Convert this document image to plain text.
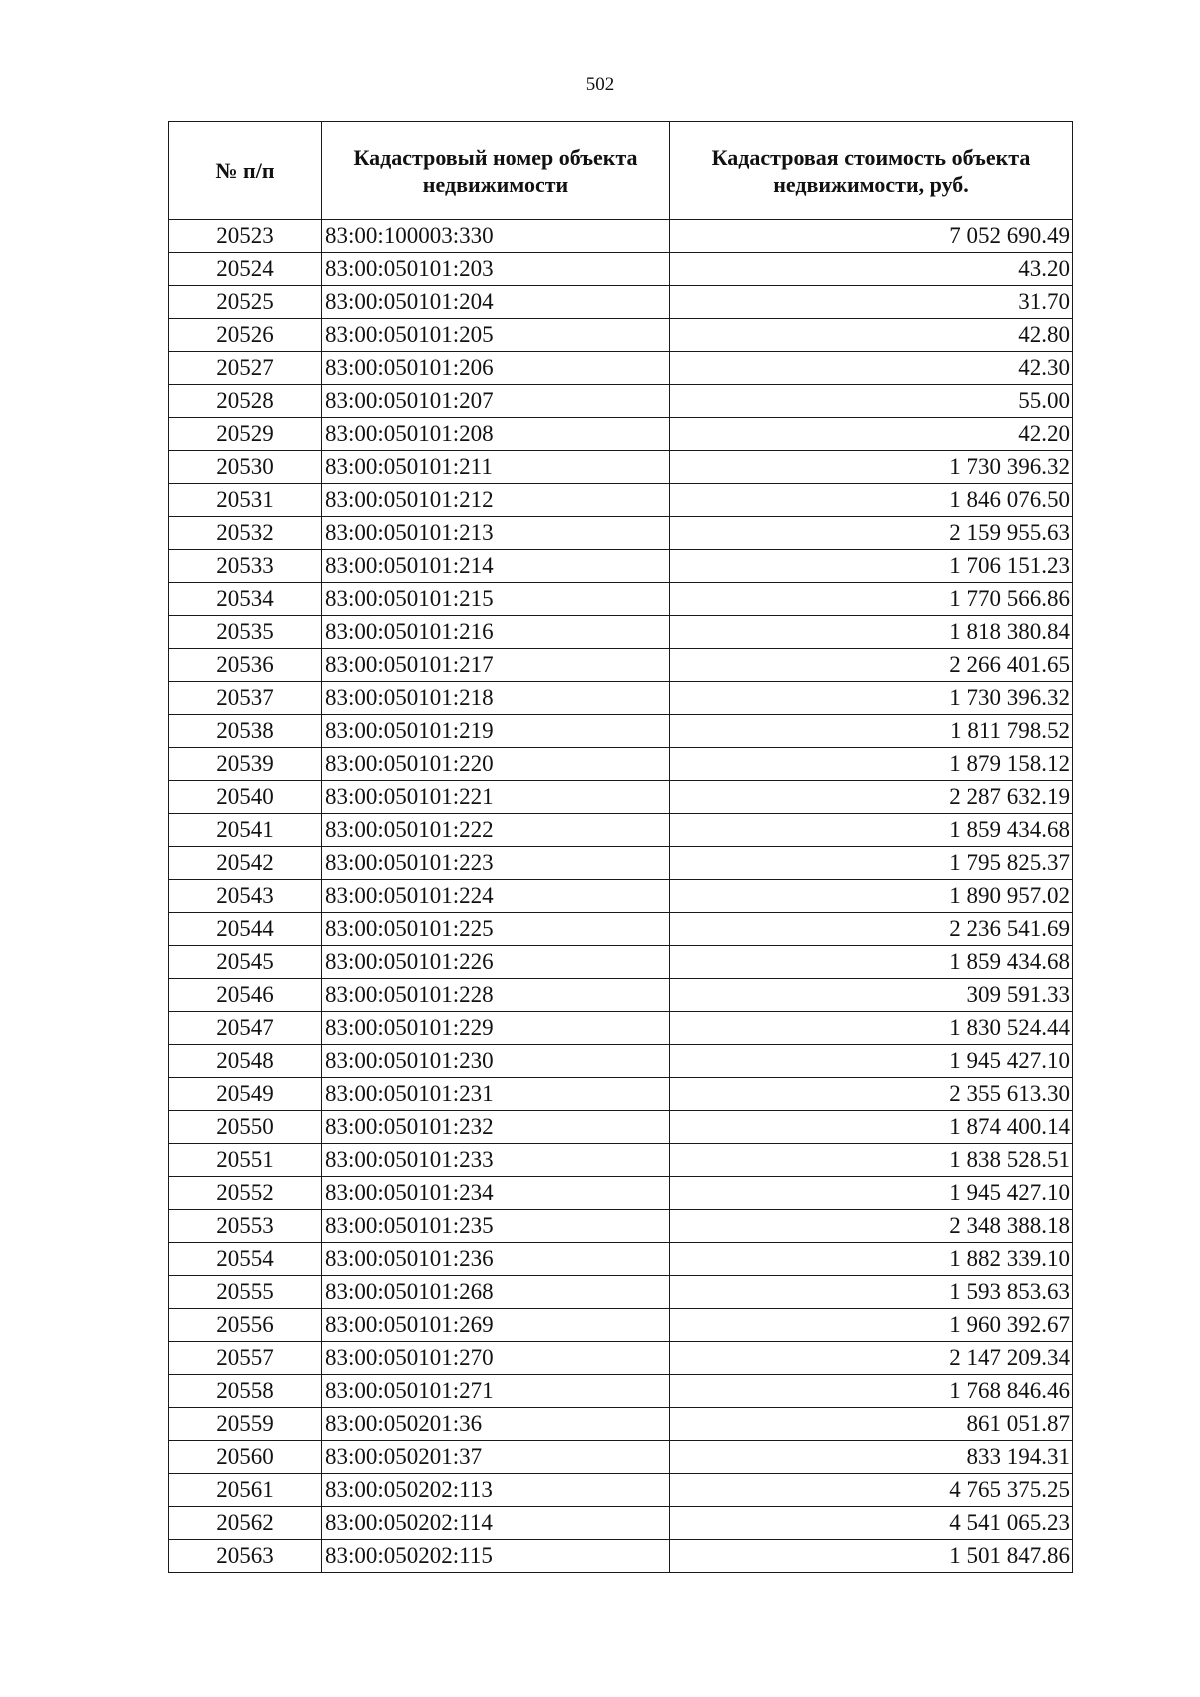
502
№ п/п	Кадастровый номер объекта недвижимости	Кадастровая стоимость объекта недвижимости, руб.
20523	83:00:100003:330	7 052 690.49
20524	83:00:050101:203	43.20
20525	83:00:050101:204	31.70
20526	83:00:050101:205	42.80
20527	83:00:050101:206	42.30
20528	83:00:050101:207	55.00
20529	83:00:050101:208	42.20
20530	83:00:050101:211	1 730 396.32
20531	83:00:050101:212	1 846 076.50
20532	83:00:050101:213	2 159 955.63
20533	83:00:050101:214	1 706 151.23
20534	83:00:050101:215	1 770 566.86
20535	83:00:050101:216	1 818 380.84
20536	83:00:050101:217	2 266 401.65
20537	83:00:050101:218	1 730 396.32
20538	83:00:050101:219	1 811 798.52
20539	83:00:050101:220	1 879 158.12
20540	83:00:050101:221	2 287 632.19
20541	83:00:050101:222	1 859 434.68
20542	83:00:050101:223	1 795 825.37
20543	83:00:050101:224	1 890 957.02
20544	83:00:050101:225	2 236 541.69
20545	83:00:050101:226	1 859 434.68
20546	83:00:050101:228	309 591.33
20547	83:00:050101:229	1 830 524.44
20548	83:00:050101:230	1 945 427.10
20549	83:00:050101:231	2 355 613.30
20550	83:00:050101:232	1 874 400.14
20551	83:00:050101:233	1 838 528.51
20552	83:00:050101:234	1 945 427.10
20553	83:00:050101:235	2 348 388.18
20554	83:00:050101:236	1 882 339.10
20555	83:00:050101:268	1 593 853.63
20556	83:00:050101:269	1 960 392.67
20557	83:00:050101:270	2 147 209.34
20558	83:00:050101:271	1 768 846.46
20559	83:00:050201:36	861 051.87
20560	83:00:050201:37	833 194.31
20561	83:00:050202:113	4 765 375.25
20562	83:00:050202:114	4 541 065.23
20563	83:00:050202:115	1 501 847.86
